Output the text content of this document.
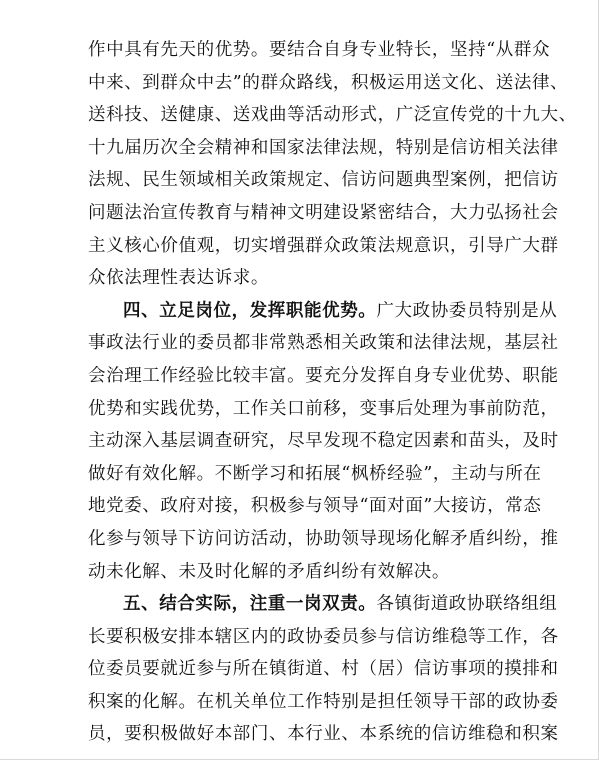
作中具有先天的优势。要结合自身专业特长，坚持“从群众
中来、到群众中去”的群众路线，积极运用送文化、送法律、
送科技、送健康、送戏曲等活动形式，广泛宣传党的十九大、
十九届历次全会精神和国家法律法规，特别是信访相关法律
法规、民生领域相关政策规定、信访问题典型案例，把信访
问题法治宣传教育与精神文明建设紧密结合，大力弘扬社会
主义核心价值观，切实增强群众政策法规意识，引导广大群
众依法理性表达诉求。
四、立足岗位，发挥职能优势。广大政协委员特别是从
事政法行业的委员都非常熟悉相关政策和法律法规，基层社
会治理工作经验比较丰富。要充分发挥自身专业优势、职能
优势和实践优势，工作关口前移，变事后处理为事前防范，
主动深入基层调查研究，尽早发现不稳定因素和苗头，及时
做好有效化解。不断学习和拓展“枫桥经验”，主动与所在
地党委、政府对接，积极参与领导“面对面”大接访，常态
化参与领导下访问访活动，协助领导现场化解矛盾纠纷，推
动未化解、未及时化解的矛盾纠纷有效解决。
五、结合实际，注重一岗双责。各镇街道政协联络组组
长要积极安排本辖区内的政协委员参与信访维稳等工作，各
位委员要就近参与所在镇街道、村（居）信访事项的摸排和
积案的化解。在机关单位工作特别是担任领导干部的政协委
员，要积极做好本部门、本行业、本系统的信访维稳和积案
